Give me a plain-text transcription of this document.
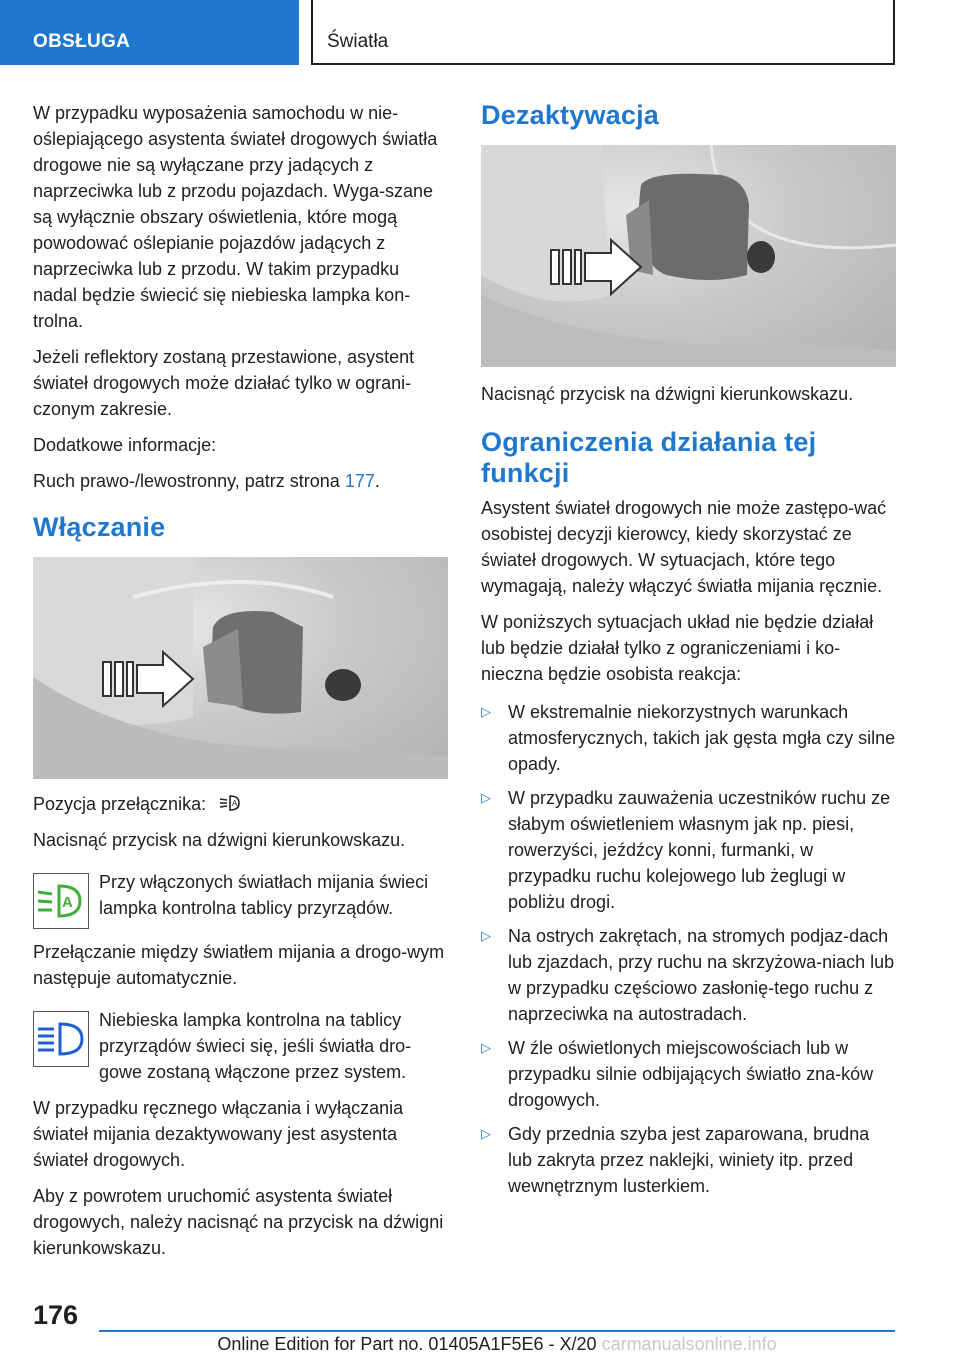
OBSŁUGA	Światła

W przypadku wyposażenia samochodu w nie‐oślepiającego asystenta świateł drogowych światła drogowe nie są wyłączane przy jadących z naprzeciwka lub z przodu pojazdach. Wyga‐szane są wyłącznie obszary oświetlenia, które mogą powodować oślepianie pojazdów jadących z naprzeciwka lub z przodu. W takim przypadku nadal będzie świecić się niebieska lampka kon‐trolna.

Jeżeli reflektory zostaną przestawione, asystent świateł drogowych może działać tylko w ograni‐czonym zakresie.

Dodatkowe informacje:

Ruch prawo-/lewostronny, patrz strona 177.

Włączanie

Pozycja przełącznika:	A

Nacisnąć przycisk na dźwigni kierunkowskazu.

A
Przy włączonych światłach mijania świeci lampka kontrolna tablicy przyrządów.

Przełączanie między światłem mijania a drogo‐wym następuje automatycznie.

Niebieska lampka kontrolna na tablicy przyrządów świeci się, jeśli światła dro‐gowe zostaną włączone przez system.

W przypadku ręcznego włączania i wyłączania świateł mijania dezaktywowany jest asystenta świateł drogowych.

Aby z powrotem uruchomić asystenta świateł drogowych, należy nacisnąć na przycisk na dźwigni kierunkowskazu.

Dezaktywacja

Nacisnąć przycisk na dźwigni kierunkowskazu.

Ograniczenia działania tej funkcji

Asystent świateł drogowych nie może zastępo‐wać osobistej decyzji kierowcy, kiedy skorzystać ze świateł drogowych. W sytuacjach, które tego wymagają, należy włączyć światła mijania ręcznie.

W poniższych sytuacjach układ nie będzie działał lub będzie działał tylko z ograniczeniami i ko‐nieczna będzie osobista reakcja:

▷ W ekstremalnie niekorzystnych warunkach atmosferycznych, takich jak gęsta mgła czy silne opady.
▷ W przypadku zauważenia uczestników ruchu ze słabym oświetleniem własnym jak np. piesi, rowerzyści, jeźdźcy konni, furmanki, w przypadku ruchu kolejowego lub żeglugi w pobliżu drogi.
▷ Na ostrych zakrętach, na stromych podjaz‐dach lub zjazdach, przy ruchu na skrzyżowa‐niach lub w przypadku częściowo zasłonię‐tego ruchu z naprzeciwka na autostradach.
▷ W źle oświetlonych miejscowościach lub w przypadku silnie odbijających światło zna‐ków drogowych.
▷ Gdy przednia szyba jest zaparowana, brudna lub zakryta przez naklejki, winiety itp. przed wewnętrznym lusterkiem.
176
Online Edition for Part no. 01405A1F5E6 - X/20 carmanualsonline.info
